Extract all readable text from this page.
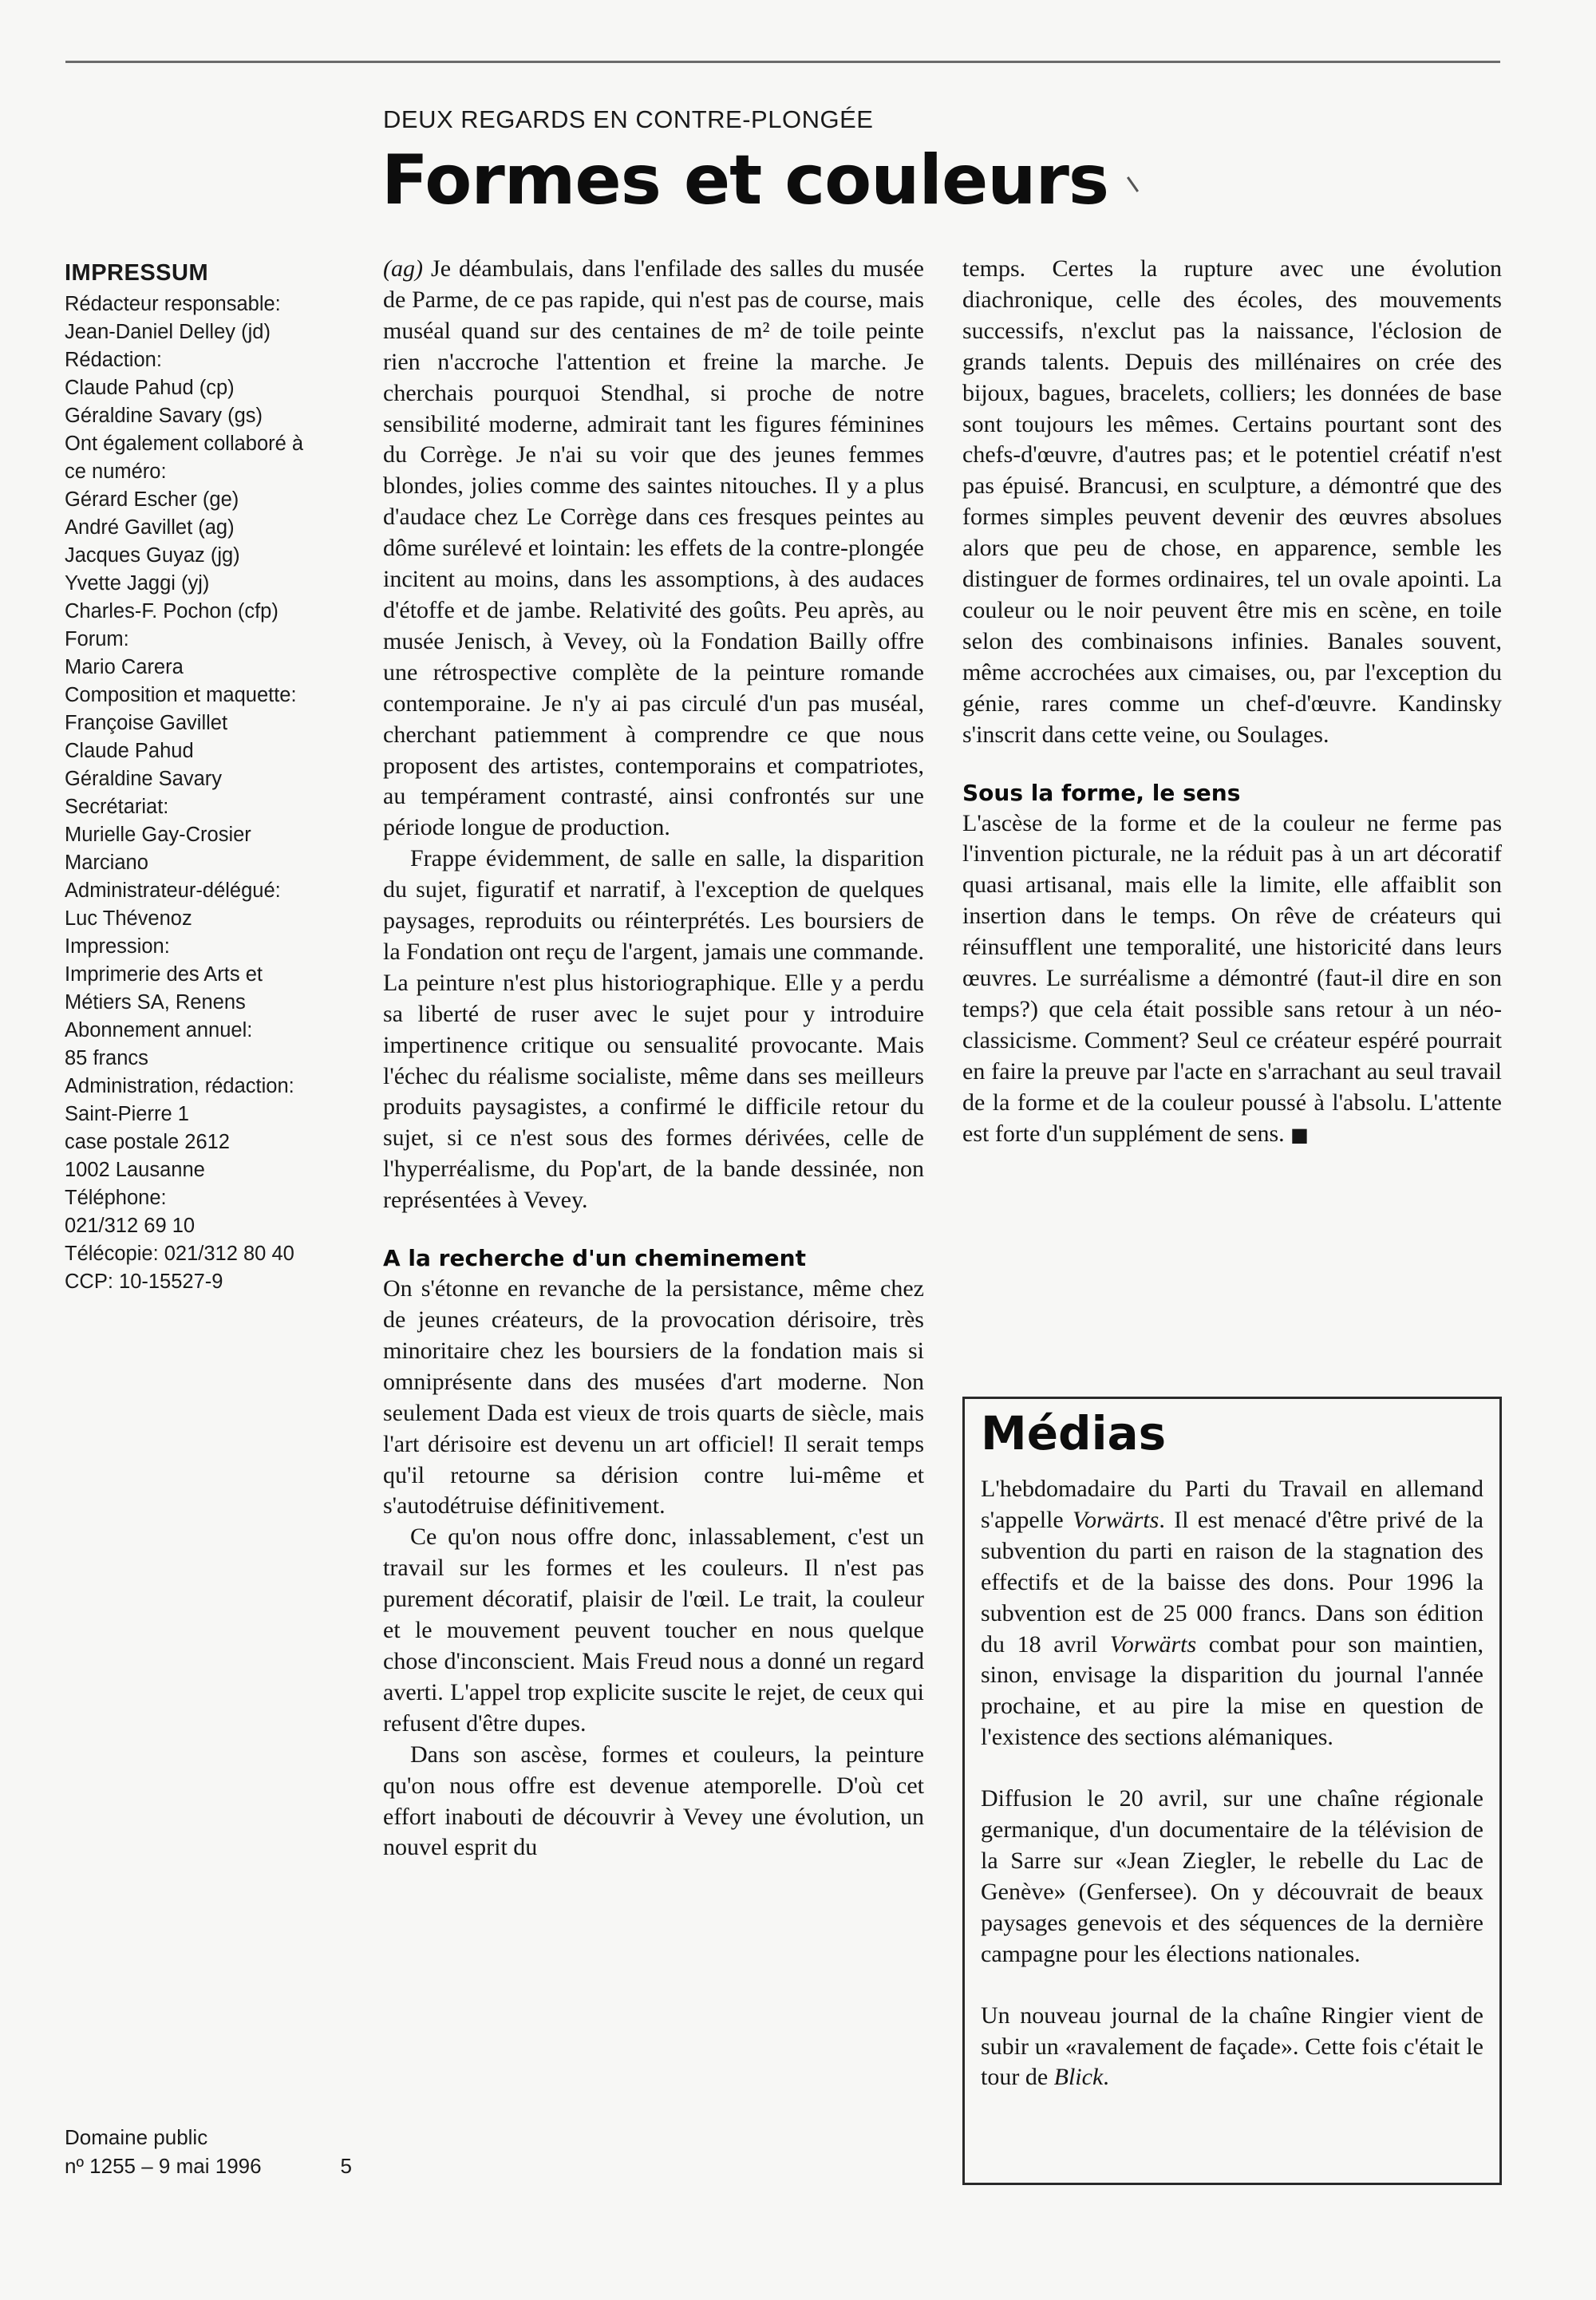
DEUX REGARDS EN CONTRE-PLONGÉE
Formes et couleurs
IMPRESSUM
Rédacteur responsable:
Jean-Daniel Delley (jd)
Rédaction:
Claude Pahud (cp)
Géraldine Savary (gs)
Ont également collaboré à
ce numéro:
Gérard Escher (ge)
André Gavillet (ag)
Jacques Guyaz (jg)
Yvette Jaggi (yj)
Charles-F. Pochon (cfp)
Forum:
Mario Carera
Composition et maquette:
Françoise Gavillet
Claude Pahud
Géraldine Savary
Secrétariat:
Murielle Gay-Crosier
Marciano
Administrateur-délégué:
Luc Thévenoz
Impression:
Imprimerie des Arts et
Métiers SA, Renens
Abonnement annuel:
85 francs
Administration, rédaction:
Saint-Pierre 1
case postale 2612
1002 Lausanne
Téléphone:
021/312 69 10
Télécopie: 021/312 80 40
CCP: 10-15527-9
Domaine public
nº 1255 – 9 mai 1996	5

(ag) Je déambulais, dans l'enfilade des salles du musée de Parme, de ce pas rapide, qui n'est pas de course, mais muséal quand sur des centaines de m² de toile peinte rien n'accroche l'attention et freine la marche. Je cherchais pourquoi Stendhal, si proche de notre sensibilité moderne, admirait tant les figures féminines du Corrège. Je n'ai su voir que des jeunes femmes blondes, jolies comme des saintes nitouches. Il y a plus d'audace chez Le Corrège dans ces fresques peintes au dôme surélevé et lointain: les effets de la contre-plongée incitent au moins, dans les assomptions, à des audaces d'étoffe et de jambe. Relativité des goûts. Peu après, au musée Jenisch, à Vevey, où la Fondation Bailly offre une rétrospective complète de la peinture romande contemporaine. Je n'y ai pas circulé d'un pas muséal, cherchant patiemment à comprendre ce que nous proposent des artistes, contemporains et compatriotes, au tempérament contrasté, ainsi confrontés sur une période longue de production.

Frappe évidemment, de salle en salle, la disparition du sujet, figuratif et narratif, à l'exception de quelques paysages, reproduits ou réinterprétés. Les boursiers de la Fondation ont reçu de l'argent, jamais une commande. La peinture n'est plus historiographique. Elle y a perdu sa liberté de ruser avec le sujet pour y introduire impertinence critique ou sensualité provocante. Mais l'échec du réalisme socialiste, même dans ses meilleurs produits paysagistes, a confirmé le difficile retour du sujet, si ce n'est sous des formes dérivées, celle de l'hyperréalisme, du Pop'art, de la bande dessinée, non représentées à Vevey.

A la recherche d'un cheminement

On s'étonne en revanche de la persistance, même chez de jeunes créateurs, de la provocation dérisoire, très minoritaire chez les boursiers de la fondation mais si omniprésente dans des musées d'art moderne. Non seulement Dada est vieux de trois quarts de siècle, mais l'art dérisoire est devenu un art officiel! Il serait temps qu'il retourne sa dérision contre lui-même et s'autodétruise définitivement.

Ce qu'on nous offre donc, inlassablement, c'est un travail sur les formes et les couleurs. Il n'est pas purement décoratif, plaisir de l'œil. Le trait, la couleur et le mouvement peuvent toucher en nous quelque chose d'inconscient. Mais Freud nous a donné un regard averti. L'appel trop explicite suscite le rejet, de ceux qui refusent d'être dupes.

Dans son ascèse, formes et couleurs, la peinture qu'on nous offre est devenue atemporelle. D'où cet effort inabouti de découvrir à Vevey une évolution, un nouvel esprit du

temps. Certes la rupture avec une évolution diachronique, celle des écoles, des mouvements successifs, n'exclut pas la naissance, l'éclosion de grands talents. Depuis des millénaires on crée des bijoux, bagues, bracelets, colliers; les données de base sont toujours les mêmes. Certains pourtant sont des chefs-d'œuvre, d'autres pas; et le potentiel créatif n'est pas épuisé. Brancusi, en sculpture, a démontré que des formes simples peuvent devenir des œuvres absolues alors que peu de chose, en apparence, semble les distinguer de formes ordinaires, tel un ovale apointi. La couleur ou le noir peuvent être mis en scène, en toile selon des combinaisons infinies. Banales souvent, même accrochées aux cimaises, ou, par l'exception du génie, rares comme un chef-d'œuvre. Kandinsky s'inscrit dans cette veine, ou Soulages.

Sous la forme, le sens

L'ascèse de la forme et de la couleur ne ferme pas l'invention picturale, ne la réduit pas à un art décoratif quasi artisanal, mais elle la limite, elle affaiblit son insertion dans le temps. On rêve de créateurs qui réinsufflent une temporalité, une historicité dans leurs œuvres. Le surréalisme a démontré (faut-il dire en son temps?) que cela était possible sans retour à un néo-classicisme. Comment? Seul ce créateur espéré pourrait en faire la preuve par l'acte en s'arrachant au seul travail de la forme et de la couleur poussé à l'absolu. L'attente est forte d'un supplément de sens. ■

Médias

L'hebdomadaire du Parti du Travail en allemand s'appelle Vorwärts. Il est menacé d'être privé de la subvention du parti en raison de la stagnation des effectifs et de la baisse des dons. Pour 1996 la subvention est de 25 000 francs. Dans son édition du 18 avril Vorwärts combat pour son maintien, sinon, envisage la disparition du journal l'année prochaine, et au pire la mise en question de l'existence des sections alémaniques.

Diffusion le 20 avril, sur une chaîne régionale germanique, d'un documentaire de la télévision de la Sarre sur «Jean Ziegler, le rebelle du Lac de Genève» (Genfersee). On y découvrait de beaux paysages genevois et des séquences de la dernière campagne pour les élections nationales.

Un nouveau journal de la chaîne Ringier vient de subir un «ravalement de façade». Cette fois c'était le tour de Blick.
